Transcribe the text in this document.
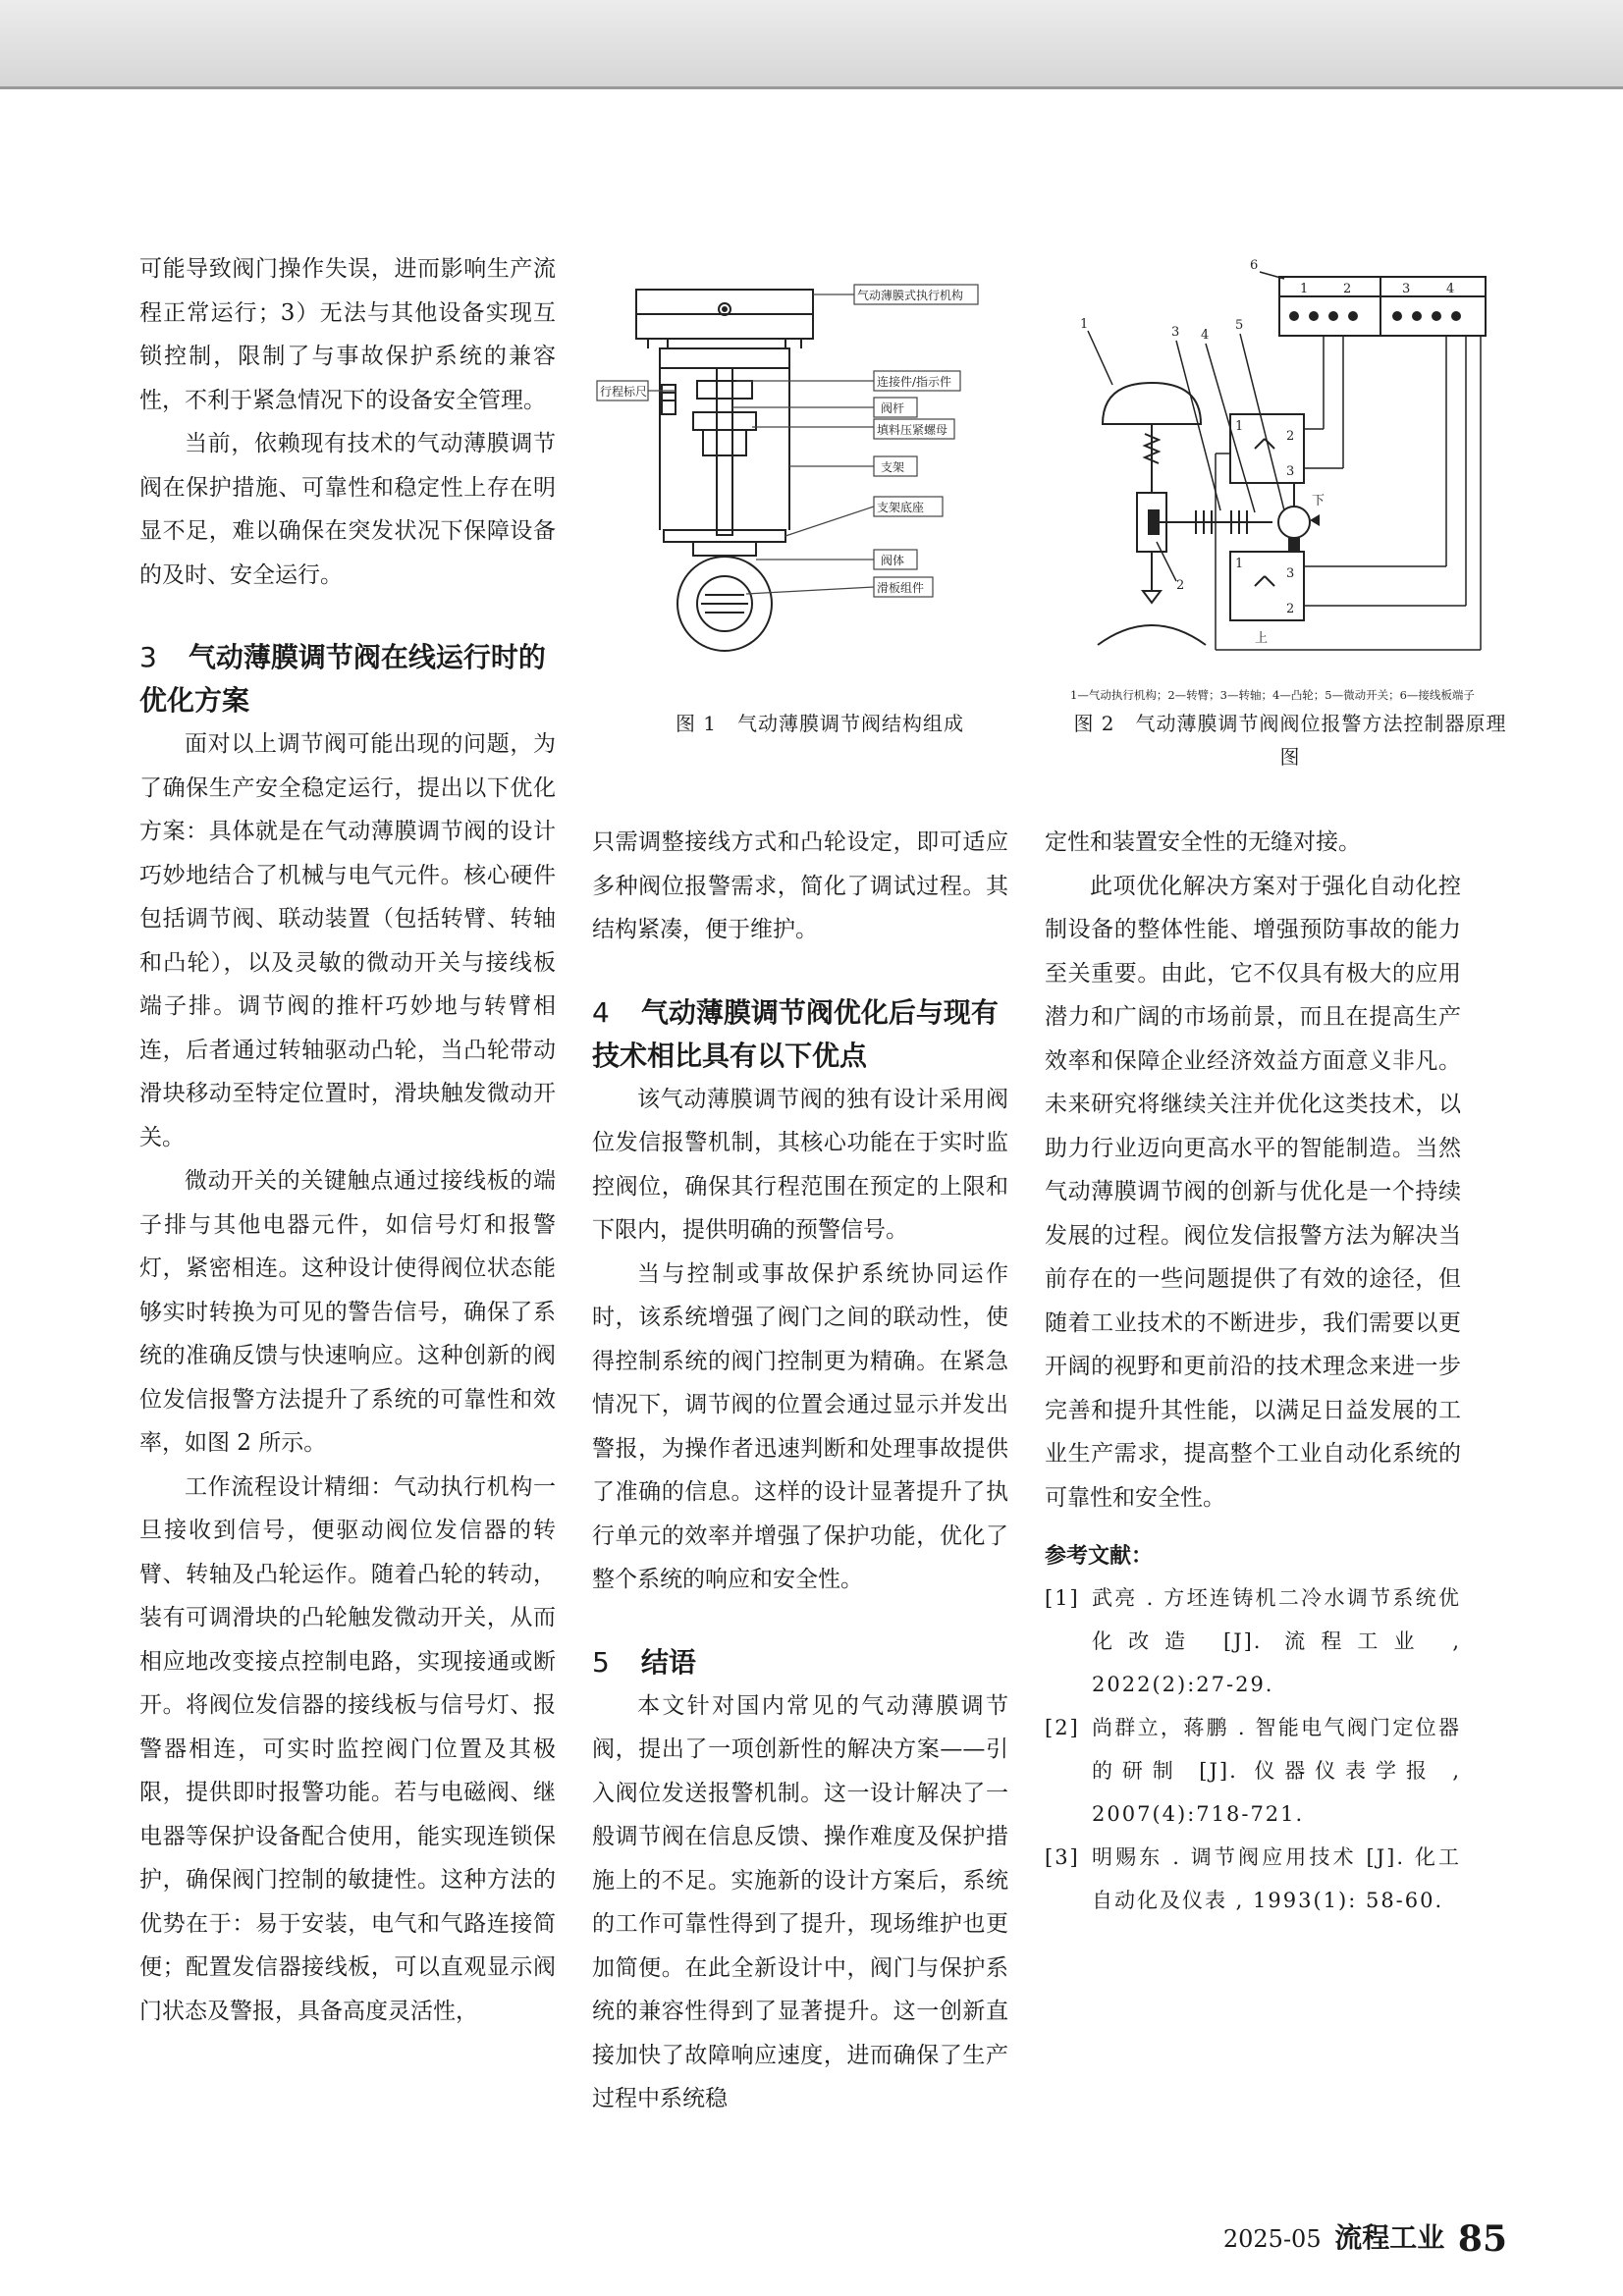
可能导致阀门操作失误，进而影响生产流程正常运行；3）无法与其他设备实现互锁控制，限制了与事故保护系统的兼容性，不利于紧急情况下的设备安全管理。

当前，依赖现有技术的气动薄膜调节阀在保护措施、可靠性和稳定性上存在明显不足，难以确保在突发状况下保障设备的及时、安全运行。

3 气动薄膜调节阀在线运行时的优化方案

面对以上调节阀可能出现的问题，为了确保生产安全稳定运行，提出以下优化方案：具体就是在气动薄膜调节阀的设计巧妙地结合了机械与电气元件。核心硬件包括调节阀、联动装置（包括转臂、转轴和凸轮），以及灵敏的微动开关与接线板端子排。调节阀的推杆巧妙地与转臂相连，后者通过转轴驱动凸轮，当凸轮带动滑块移动至特定位置时，滑块触发微动开关。

微动开关的关键触点通过接线板的端子排与其他电器元件，如信号灯和报警灯，紧密相连。这种设计使得阀位状态能够实时转换为可见的警告信号，确保了系统的准确反馈与快速响应。这种创新的阀位发信报警方法提升了系统的可靠性和效率，如图 2 所示。

工作流程设计精细：气动执行机构一旦接收到信号，便驱动阀位发信器的转臂、转轴及凸轮运作。随着凸轮的转动，装有可调滑块的凸轮触发微动开关，从而相应地改变接点控制电路，实现接通或断开。将阀位发信器的接线板与信号灯、报警器相连，可实时监控阀门位置及其极限，提供即时报警功能。若与电磁阀、继电器等保护设备配合使用，能实现连锁保护，确保阀门控制的敏捷性。这种方法的优势在于：易于安装，电气和气路连接简便；配置发信器接线板，可以直观显示阀门状态及警报，具备高度灵活性，

只需调整接线方式和凸轮设定，即可适应多种阀位报警需求，简化了调试过程。其结构紧凑，便于维护。

4 气动薄膜调节阀优化后与现有技术相比具有以下优点

该气动薄膜调节阀的独有设计采用阀位发信报警机制，其核心功能在于实时监控阀位，确保其行程范围在预定的上限和下限内，提供明确的预警信号。

当与控制或事故保护系统协同运作时，该系统增强了阀门之间的联动性，使得控制系统的阀门控制更为精确。在紧急情况下，调节阀的位置会通过显示并发出警报，为操作者迅速判断和处理事故提供了准确的信息。这样的设计显著提升了执行单元的效率并增强了保护功能，优化了整个系统的响应和安全性。

5 结语

本文针对国内常见的气动薄膜调节阀，提出了一项创新性的解决方案——引入阀位发送报警机制。这一设计解决了一般调节阀在信息反馈、操作难度及保护措施上的不足。实施新的设计方案后，系统的工作可靠性得到了提升，现场维护也更加简便。在此全新设计中，阀门与保护系统的兼容性得到了显著提升。这一创新直接加快了故障响应速度，进而确保了生产过程中系统稳

定性和装置安全性的无缝对接。

此项优化解决方案对于强化自动化控制设备的整体性能、增强预防事故的能力至关重要。由此，它不仅具有极大的应用潜力和广阔的市场前景，而且在提高生产效率和保障企业经济效益方面意义非凡。未来研究将继续关注并优化这类技术，以助力行业迈向更高水平的智能制造。当然气动薄膜调节阀的创新与优化是一个持续发展的过程。阀位发信报警方法为解决当前存在的一些问题提供了有效的途径，但随着工业技术的不断进步，我们需要以更开阔的视野和更前沿的技术理念来进一步完善和提升其性能，以满足日益发展的工业生产需求，提高整个工业自动化系统的可靠性和安全性。

参考文献：
[1] 武亮 . 方坯连铸机二冷水调节系统优化改造 [J]. 流程工业 , 2022(2):27-29.
[2] 尚群立，蒋鹏 . 智能电气阀门定位器的研制 [J]. 仪器仪表学报 , 2007(4):718-721.
[3] 明赐东 . 调节阀应用技术 [J]. 化工自动化及仪表 , 1993(1): 58-60.
气动薄膜式执行机构
行程标尺
连接件/指示件
阀杆
填料压紧螺母
支架
支架底座
阀体
滑板组件
图 1　气动薄膜调节阀结构组成
1
3 4
5
6
2
1	2	3	4
1
2
3
1
3
2
下
上
1—气动执行机构；2—转臂；3—转轴；4—凸轮；5—微动开关；6—接线板端子
图 2　气动薄膜调节阀阀位报警方法控制器原理图
2025-05 流程工业 85
